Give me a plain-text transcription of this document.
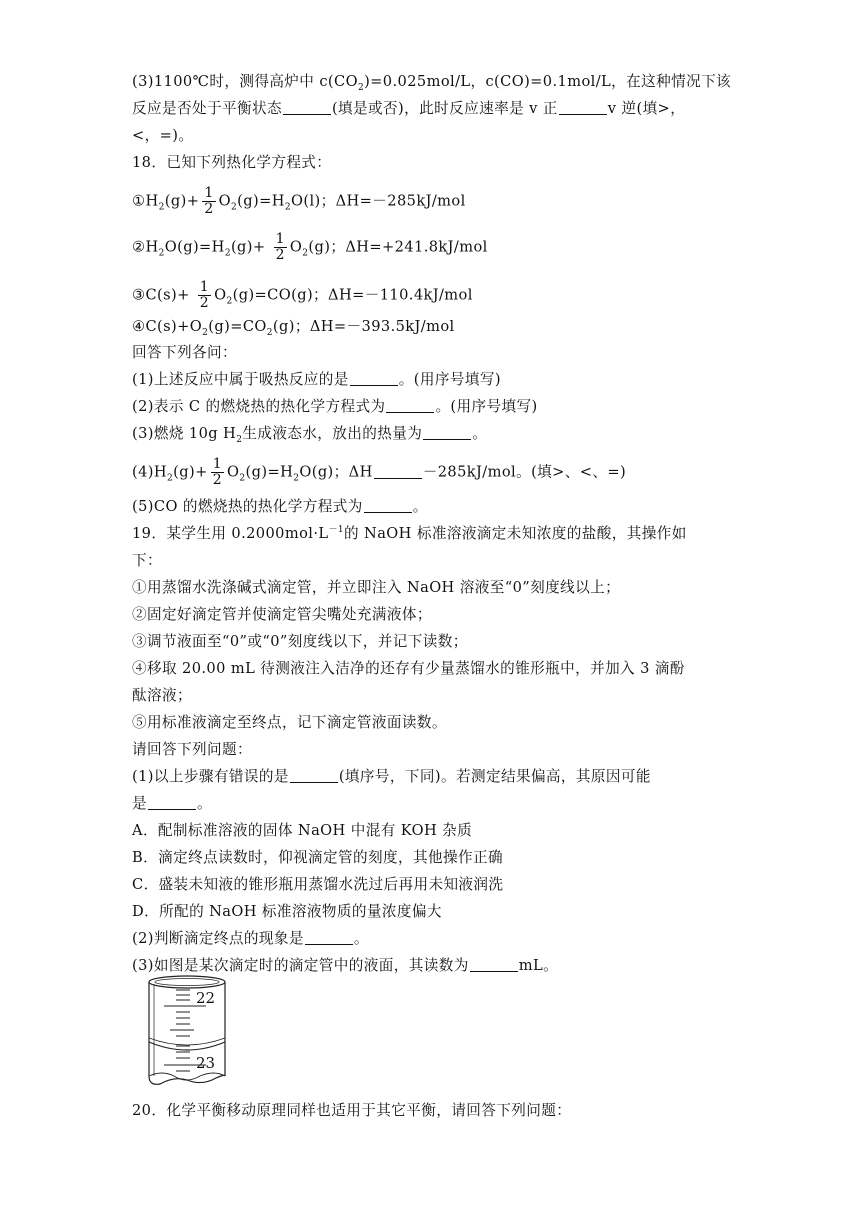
(3)1100℃时，测得高炉中 $c(CO_2)=0.025mol/L$，c(CO)=0.1mol/L，在这种情况下该
反应是否处于平衡状态	(填是或否)，此时反应速率是 v 正	v 逆(填>，
<，=)。
18．已知下列热化学方程式：
$①H_2(g)+ \frac{1}{2} O_2(g)=H_2O(l)$；ΔH=－285kJ/mol
$②H_2O(g)=H_2(g)+ \frac{1}{2} O_2(g)$；ΔH=+241.8kJ/mol
③C(s)+ $\frac{1}{2} O_2(g)=CO(g)$；ΔH=－110.4kJ/mol
$④C(s)+O_2(g)=CO_2(g)$；ΔH=－393.5kJ/mol
回答下列各问：
(1)上述反应中属于吸热反应的是	。(用序号填写)
(2)表示 C 的燃烧热的热化学方程式为	。(用序号填写)
(3)燃烧 10g $H_2$生成液态水，放出的热量为	。
$(4)H_2(g)+ \frac{1}{2} O_2(g)=H_2O(g)$；ΔH	－285kJ/mol。(填>、<、=)
(5)CO 的燃烧热的热化学方程式为	。
19．某学生用 $0.2000mol\cdot L^{-1}$的 NaOH 标准溶液滴定未知浓度的盐酸，其操作如
下：
①用蒸馏水洗涤碱式滴定管，并立即注入 NaOH 溶液至“0”刻度线以上；
②固定好滴定管并使滴定管尖嘴处充满液体；
③调节液面至“0”或“0”刻度线以下，并记下读数；
④移取 20.00 mL 待测液注入洁净的还存有少量蒸馏水的锥形瓶中，并加入 3 滴酚
酞溶液；
⑤用标准液滴定至终点，记下滴定管液面读数。
请回答下列问题：
(1)以上步骤有错误的是	(填序号，下同)。若测定结果偏高，其原因可能
是	。
A．配制标准溶液的固体 NaOH 中混有 KOH 杂质
B．滴定终点读数时，仰视滴定管的刻度，其他操作正确
C．盛装未知液的锥形瓶用蒸馏水洗过后再用未知液润洗
D．所配的 NaOH 标准溶液物质的量浓度偏大
(2)判断滴定终点的现象是	。
(3)如图是某次滴定时的滴定管中的液面，其读数为	mL。
22
23
20．化学平衡移动原理同样也适用于其它平衡，请回答下列问题：
